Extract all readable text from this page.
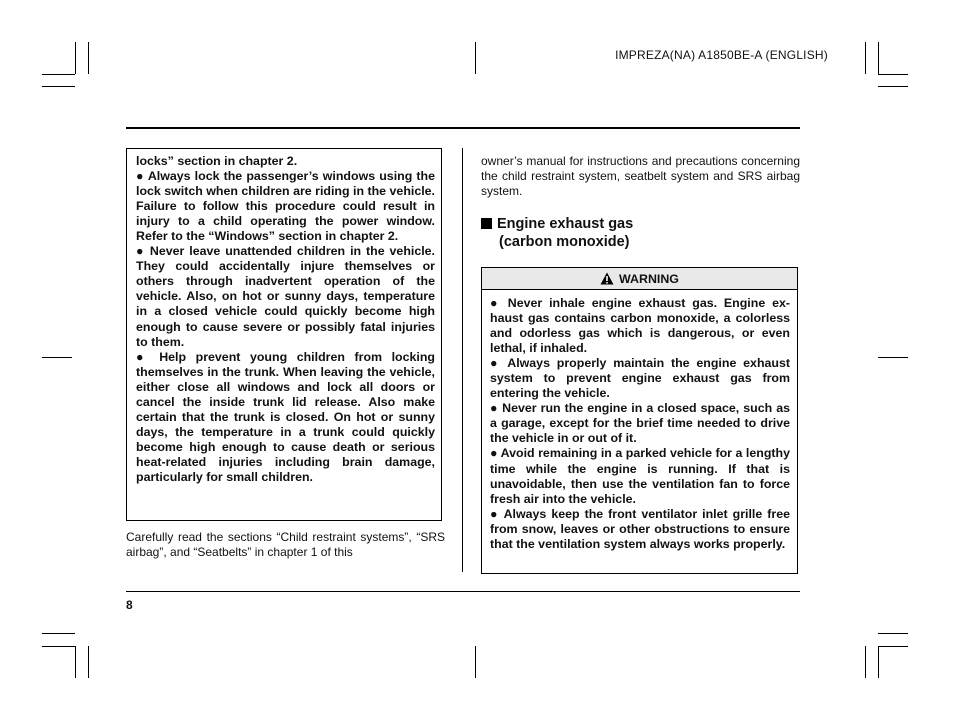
IMPREZA(NA) A1850BE-A (ENGLISH)

locks” section in chapter 2.

● Always lock the passenger’s windows using the lock switch when children are riding in the vehicle. Failure to follow this procedure could result in injury to a child operating the power window. Refer to the “Windows” section in chapter 2.

● Never leave unattended children in the vehicle. They could accidentally injure themselves or others through inadvertent operation of the vehicle. Also, on hot or sunny days, temperature in a closed vehicle could quickly become high enough to cause severe or possibly fatal injuries to them.

● Help prevent young children from locking themselves in the trunk. When leaving the vehicle, either close all windows and lock all doors or cancel the inside trunk lid release. Also make certain that the trunk is closed. On hot or sunny days, the temperature in a trunk could quickly become high enough to cause death or serious heat-related injuries including brain damage, particularly for small children.

Carefully read the sections “Child restraint systems”, “SRS airbag”, and “Seatbelts” in chapter 1 of this

owner’s manual for instructions and precautions concerning the child restraint system, seatbelt system and SRS airbag system.

Engine exhaust gas
(carbon monoxide)
WARNING

● Never inhale engine exhaust gas. Engine exhaust gas contains carbon monoxide, a colorless and odorless gas which is dangerous, or even lethal, if inhaled.

● Always properly maintain the engine exhaust system to prevent engine exhaust gas from entering the vehicle.

● Never run the engine in a closed space, such as a garage, except for the brief time needed to drive the vehicle in or out of it.

● Avoid remaining in a parked vehicle for a lengthy time while the engine is running. If that is unavoidable, then use the ventilation fan to force fresh air into the vehicle.

● Always keep the front ventilator inlet grille free from snow, leaves or other obstructions to ensure that the ventilation system always works properly.

8
